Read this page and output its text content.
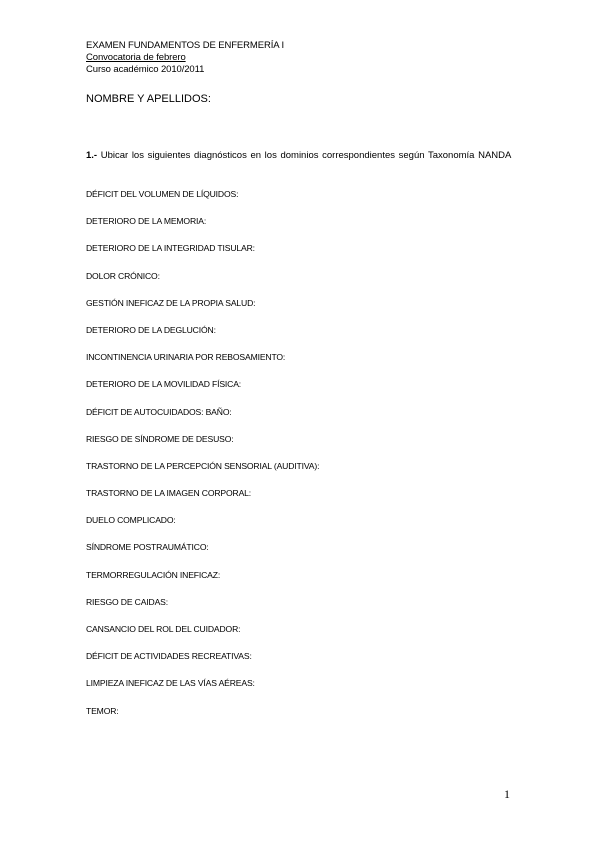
EXAMEN FUNDAMENTOS DE ENFERMERÍA I
Convocatoria de febrero
Curso académico 2010/2011
NOMBRE Y APELLIDOS:
1.- Ubicar los siguientes diagnósticos en los dominios correspondientes según Taxonomía NANDA
DÉFICIT DEL VOLUMEN DE LÍQUIDOS:
DETERIORO DE LA MEMORIA:
DETERIORO DE LA INTEGRIDAD TISULAR:
DOLOR CRÓNICO:
GESTIÓN INEFICAZ DE LA PROPIA SALUD:
DETERIORO DE LA DEGLUCIÓN:
INCONTINENCIA URINARIA POR REBOSAMIENTO:
DETERIORO DE LA MOVILIDAD FÍSICA:
DÉFICIT DE AUTOCUIDADOS: BAÑO:
RIESGO DE SÍNDROME DE DESUSO:
TRASTORNO DE LA PERCEPCIÓN SENSORIAL (AUDITIVA):
TRASTORNO DE LA IMAGEN CORPORAL:
DUELO COMPLICADO:
SÍNDROME POSTRAUMÁTICO:
TERMORREGULACIÓN INEFICAZ:
RIESGO DE CAIDAS:
CANSANCIO DEL ROL DEL CUIDADOR:
DÉFICIT DE ACTIVIDADES RECREATIVAS:
LIMPIEZA INEFICAZ DE LAS VÍAS AÉREAS:
TEMOR:
1
